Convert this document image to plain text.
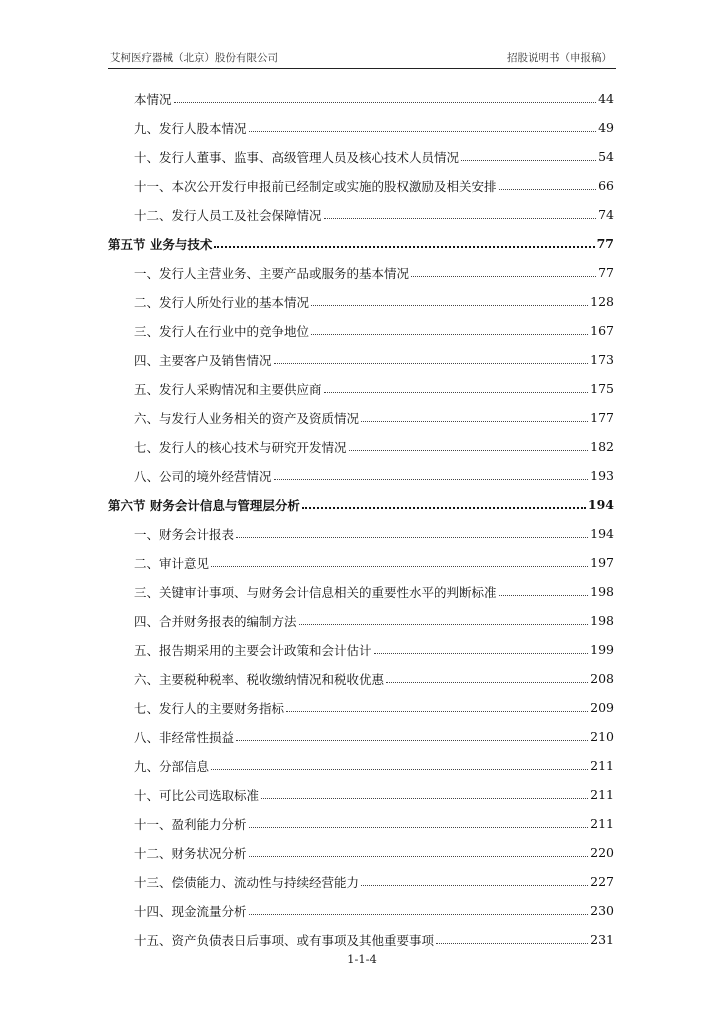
艾柯医疗器械（北京）股份有限公司	招股说明书（申报稿）
本情况	44
九、发行人股本情况	49
十、发行人董事、监事、高级管理人员及核心技术人员情况	54
十一、本次公开发行申报前已经制定或实施的股权激励及相关安排	66
十二、发行人员工及社会保障情况	74
第五节 业务与技术	77
一、发行人主营业务、主要产品或服务的基本情况	77
二、发行人所处行业的基本情况	128
三、发行人在行业中的竞争地位	167
四、主要客户及销售情况	173
五、发行人采购情况和主要供应商	175
六、与发行人业务相关的资产及资质情况	177
七、发行人的核心技术与研究开发情况	182
八、公司的境外经营情况	193
第六节 财务会计信息与管理层分析	194
一、财务会计报表	194
二、审计意见	197
三、关键审计事项、与财务会计信息相关的重要性水平的判断标准	198
四、合并财务报表的编制方法	198
五、报告期采用的主要会计政策和会计估计	199
六、主要税种税率、税收缴纳情况和税收优惠	208
七、发行人的主要财务指标	209
八、非经常性损益	210
九、分部信息	211
十、可比公司选取标准	211
十一、盈利能力分析	211
十二、财务状况分析	220
十三、偿债能力、流动性与持续经营能力	227
十四、现金流量分析	230
十五、资产负债表日后事项、或有事项及其他重要事项	231
1-1-4
